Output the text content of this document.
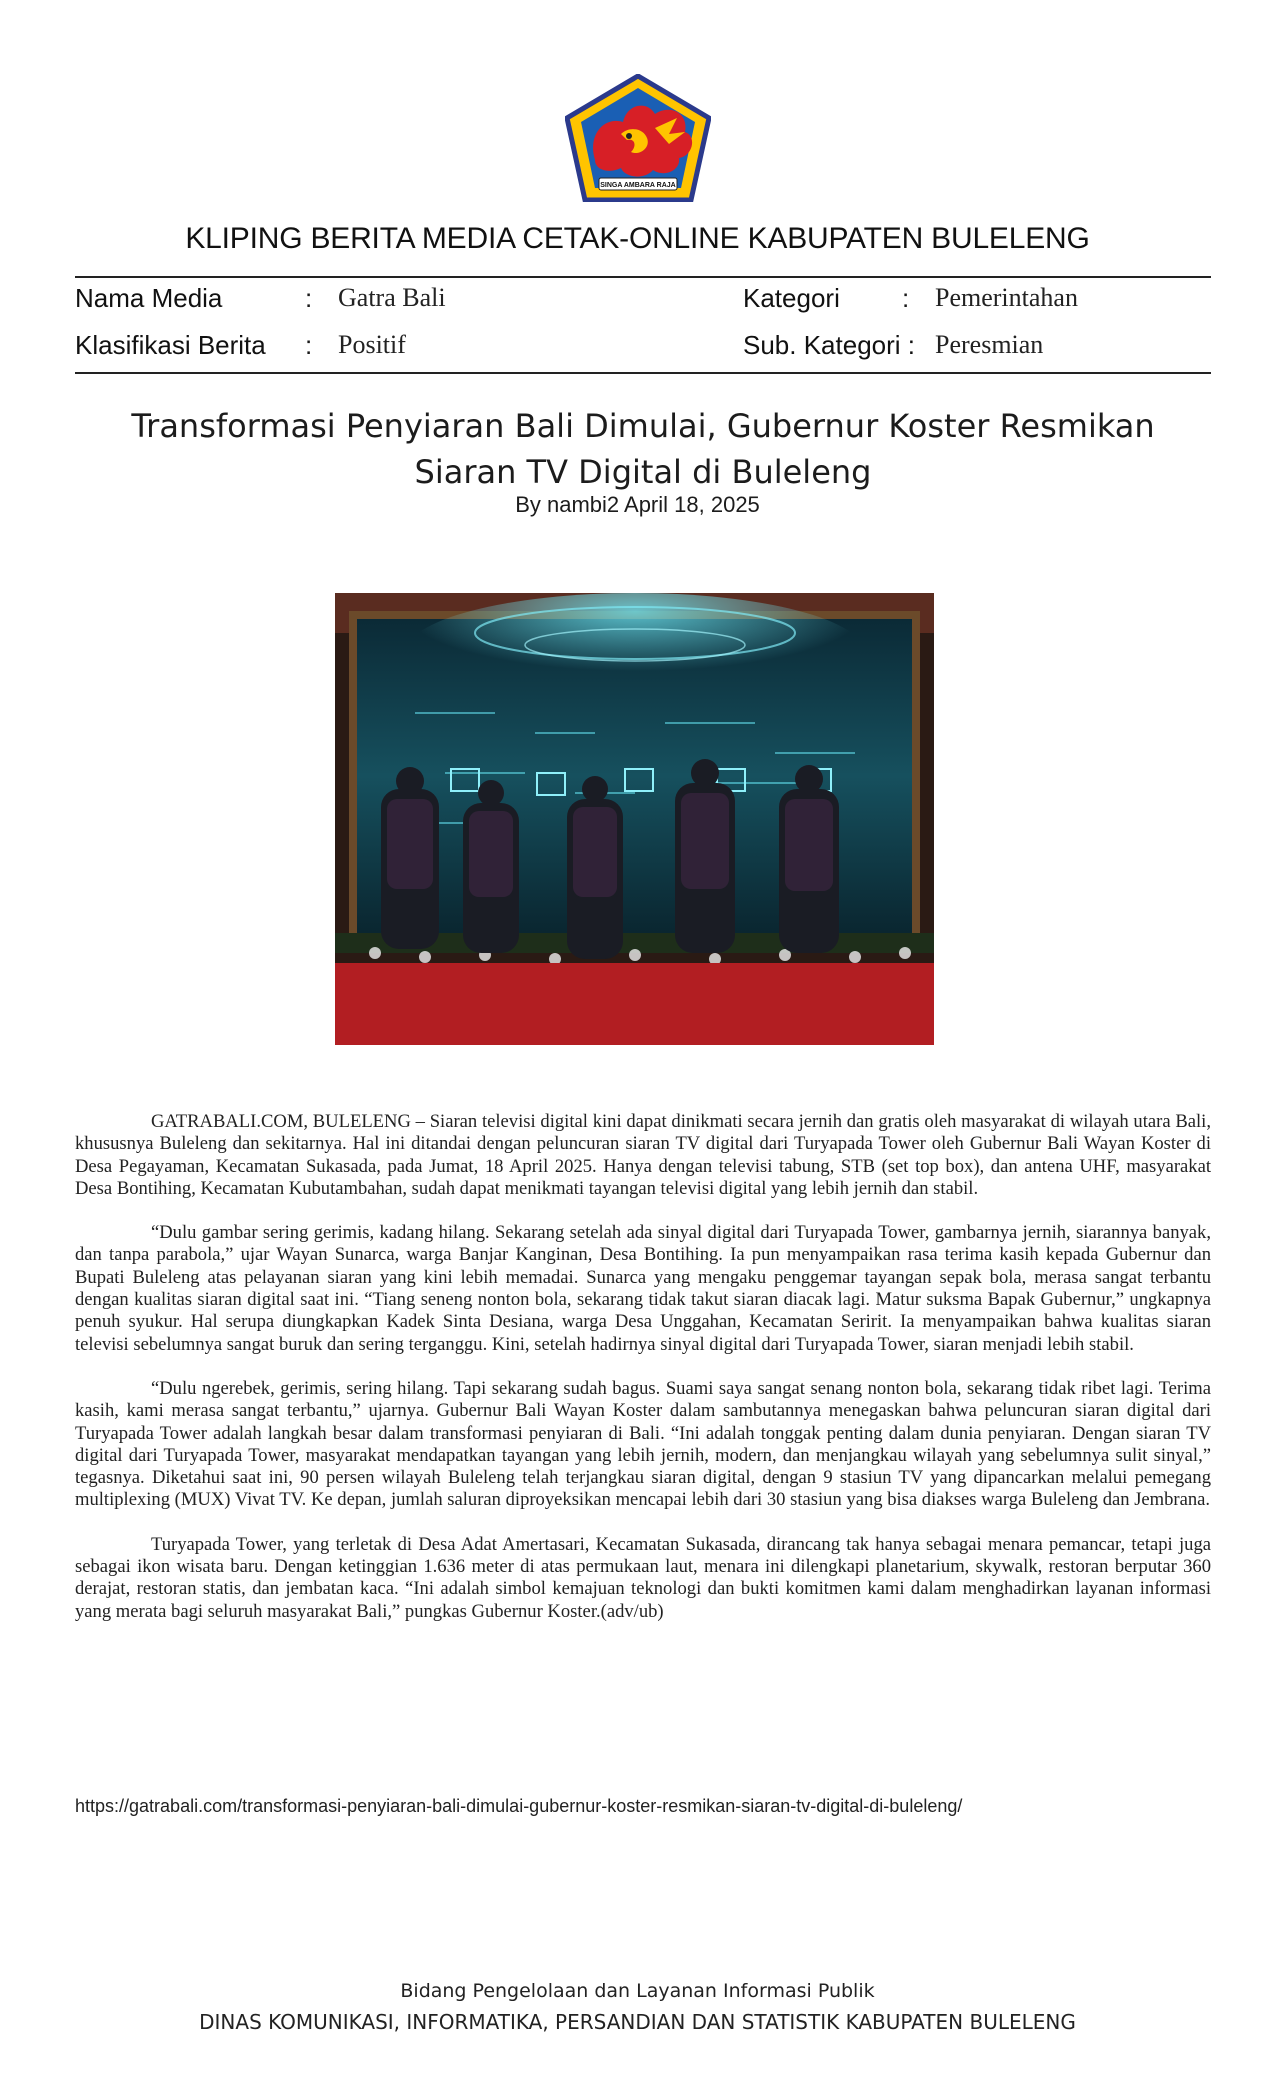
SINGA AMBARA RAJA
KLIPING BERITA MEDIA CETAK-ONLINE KABUPATEN BULELENG
Nama Media	: Gatra Bali	Kategori : Pemerintahan
Klasifikasi Berita : Positif	Sub. Kategori : Peresmian
Transformasi Penyiaran Bali Dimulai, Gubernur Koster Resmikan
Siaran TV Digital di Buleleng
By nambi2 April 18, 2025

GATRABALI.COM, BULELENG – Siaran televisi digital kini dapat dinikmati secara jernih dan gratis oleh masyarakat di wilayah utara Bali, khususnya Buleleng dan sekitarnya. Hal ini ditandai dengan peluncuran siaran TV digital dari Turyapada Tower oleh Gubernur Bali Wayan Koster di Desa Pegayaman, Kecamatan Sukasada, pada Jumat, 18 April 2025. Hanya dengan televisi tabung, STB (set top box), dan antena UHF, masyarakat Desa Bontihing, Kecamatan Kubutambahan, sudah dapat menikmati tayangan televisi digital yang lebih jernih dan stabil.

“Dulu gambar sering gerimis, kadang hilang. Sekarang setelah ada sinyal digital dari Turyapada Tower, gambarnya jernih, siarannya banyak, dan tanpa parabola,” ujar Wayan Sunarca, warga Banjar Kanginan, Desa Bontihing. Ia pun menyampaikan rasa terima kasih kepada Gubernur dan Bupati Buleleng atas pelayanan siaran yang kini lebih memadai. Sunarca yang mengaku penggemar tayangan sepak bola, merasa sangat terbantu dengan kualitas siaran digital saat ini. “Tiang seneng nonton bola, sekarang tidak takut siaran diacak lagi. Matur suksma Bapak Gubernur,” ungkapnya penuh syukur. Hal serupa diungkapkan Kadek Sinta Desiana, warga Desa Unggahan, Kecamatan Seririt. Ia menyampaikan bahwa kualitas siaran televisi sebelumnya sangat buruk dan sering terganggu. Kini, setelah hadirnya sinyal digital dari Turyapada Tower, siaran menjadi lebih stabil.

“Dulu ngerebek, gerimis, sering hilang. Tapi sekarang sudah bagus. Suami saya sangat senang nonton bola, sekarang tidak ribet lagi. Terima kasih, kami merasa sangat terbantu,” ujarnya. Gubernur Bali Wayan Koster dalam sambutannya menegaskan bahwa peluncuran siaran digital dari Turyapada Tower adalah langkah besar dalam transformasi penyiaran di Bali. “Ini adalah tonggak penting dalam dunia penyiaran. Dengan siaran TV digital dari Turyapada Tower, masyarakat mendapatkan tayangan yang lebih jernih, modern, dan menjangkau wilayah yang sebelumnya sulit sinyal,” tegasnya. Diketahui saat ini, 90 persen wilayah Buleleng telah terjangkau siaran digital, dengan 9 stasiun TV yang dipancarkan melalui pemegang multiplexing (MUX) Vivat TV. Ke depan, jumlah saluran diproyeksikan mencapai lebih dari 30 stasiun yang bisa diakses warga Buleleng dan Jembrana.

Turyapada Tower, yang terletak di Desa Adat Amertasari, Kecamatan Sukasada, dirancang tak hanya sebagai menara pemancar, tetapi juga sebagai ikon wisata baru. Dengan ketinggian 1.636 meter di atas permukaan laut, menara ini dilengkapi planetarium, skywalk, restoran berputar 360 derajat, restoran statis, dan jembatan kaca. “Ini adalah simbol kemajuan teknologi dan bukti komitmen kami dalam menghadirkan layanan informasi yang merata bagi seluruh masyarakat Bali,” pungkas Gubernur Koster.(adv/ub)

https://gatrabali.com/transformasi-penyiaran-bali-dimulai-gubernur-koster-resmikan-siaran-tv-digital-di-buleleng/
Bidang Pengelolaan dan Layanan Informasi Publik
DINAS KOMUNIKASI, INFORMATIKA, PERSANDIAN DAN STATISTIK KABUPATEN BULELENG
